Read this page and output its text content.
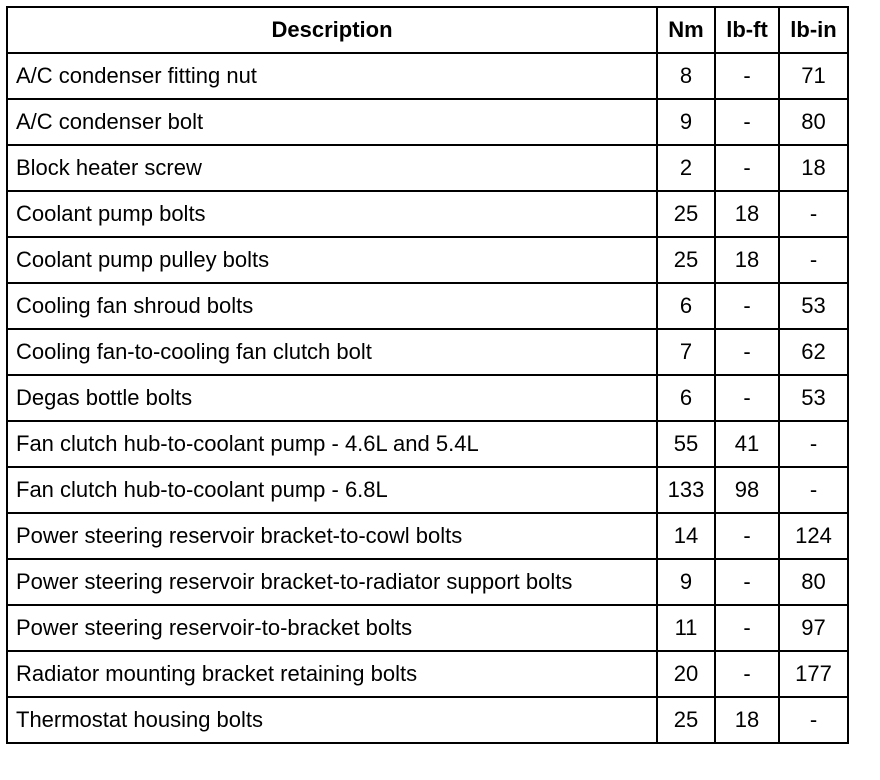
Description	Nm	lb-ft	lb-in
A/C condenser fitting nut	8	-	71
A/C condenser bolt	9	-	80
Block heater screw	2	-	18
Coolant pump bolts	25	18	-
Coolant pump pulley bolts	25	18	-
Cooling fan shroud bolts	6	-	53
Cooling fan-to-cooling fan clutch bolt	7	-	62
Degas bottle bolts	6	-	53
Fan clutch hub-to-coolant pump - 4.6L and 5.4L	55	41	-
Fan clutch hub-to-coolant pump - 6.8L	133	98	-
Power steering reservoir bracket-to-cowl bolts	14	-	124
Power steering reservoir bracket-to-radiator support bolts	9	-	80
Power steering reservoir-to-bracket bolts	11	-	97
Radiator mounting bracket retaining bolts	20	-	177
Thermostat housing bolts	25	18	-
